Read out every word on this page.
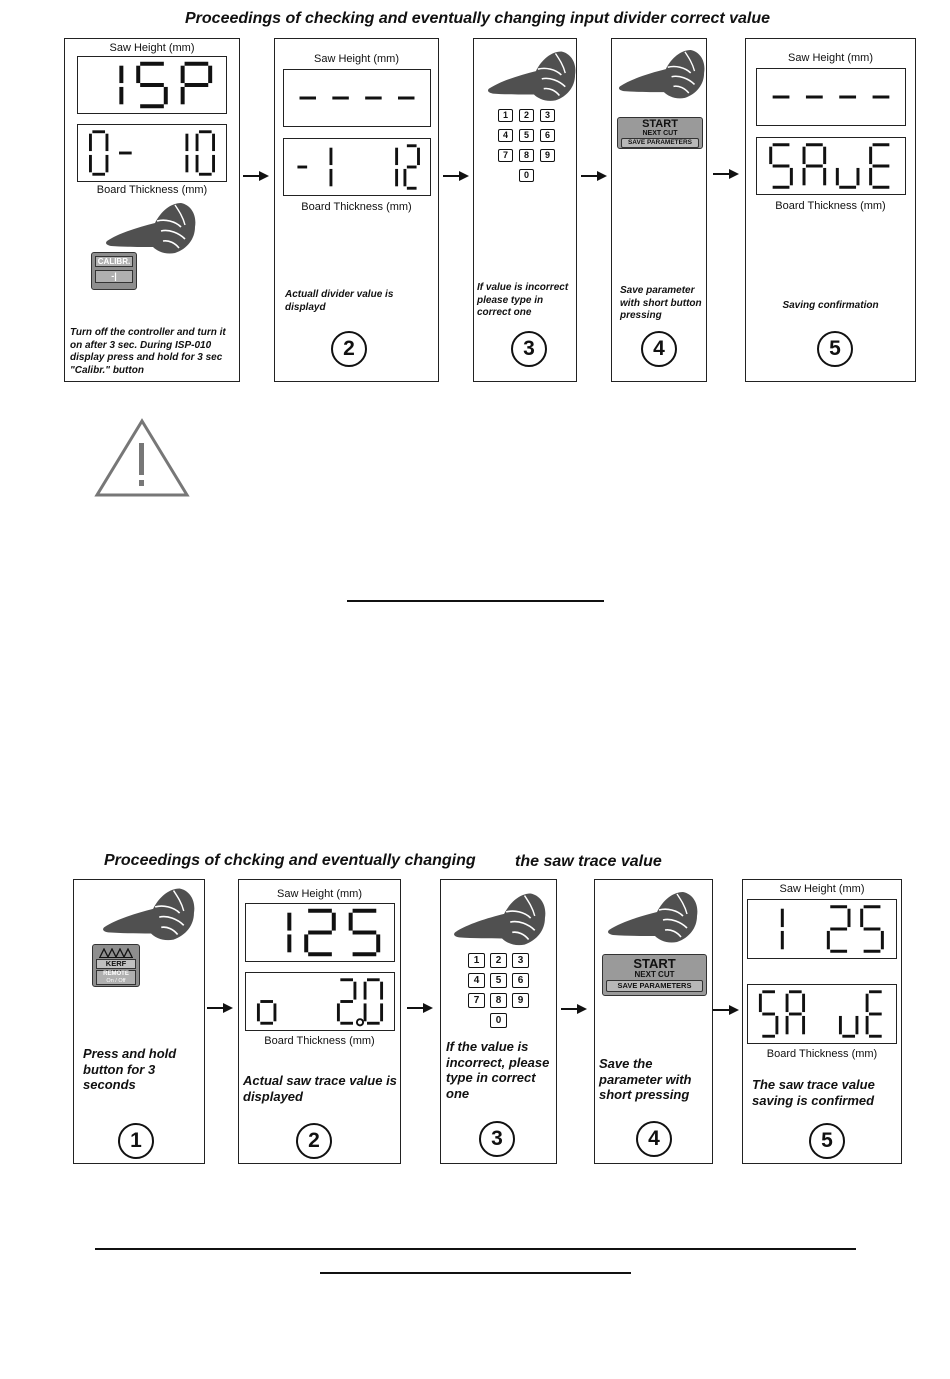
Proceedings of checking and eventually changing input divider correct value
Saw Height (mm)
Board Thickness (mm)
CALIBR.
-|
Turn off the controller and turn it on after 3 sec. During ISP-010 display press and hold for 3 sec "Calibr." button
Saw Height (mm)
Board Thickness (mm)
Actuall divider value is displayd
2
1	2	3
4	5	6
7	8	9
0
If value is incorrect please type in correct one
3
START
NEXT CUT
SAVE PARAMETERS
Save parameter with short button pressing
4
Saw Height (mm)
Board Thickness (mm)
Saving confirmation
5
Proceedings of chcking and eventually changing the saw trace value
KERF
REMOTE
On / Off
Press and hold button for 3 seconds
1
Saw Height (mm)
Board Thickness (mm)
Actual saw trace value is displayed
2
1	2	3
4	5	6
7	8	9
0
If the value is incorrect, please type in correct one
3
START
NEXT CUT
SAVE PARAMETERS
Save the parameter with short pressing
4
Saw Height (mm)
Board Thickness (mm)
The saw trace value saving is confirmed
5
